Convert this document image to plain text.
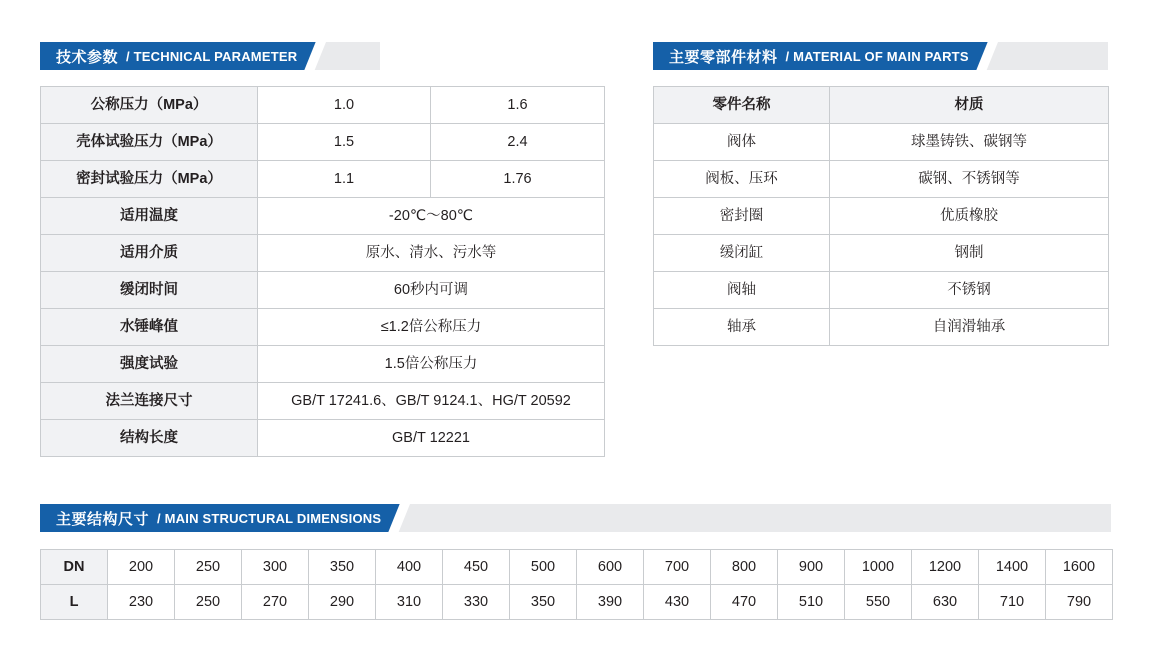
技术参数 / TECHNICAL PARAMETER
公称压力（MPa）	1.0	1.6
壳体试验压力（MPa）	1.5	2.4
密封试验压力（MPa）	1.1	1.76
适用温度	-20℃～80℃	
适用介质	原水、清水、污水等	
缓闭时间	60秒内可调	
水锤峰值	≤1.2倍公称压力	
强度试验	1.5倍公称压力	
法兰连接尺寸	GB/T 17241.6、GB/T 9124.1、HG/T 20592	
结构长度	GB/T 12221	
主要零部件材料 / MATERIAL OF MAIN PARTS
零件名称	材质
阀体	球墨铸铁、碳钢等
阀板、压环	碳钢、不锈钢等
密封圈	优质橡胶
缓闭缸	钢制
阀轴	不锈钢
轴承	自润滑轴承
主要结构尺寸 / MAIN STRUCTURAL DIMENSIONS
DN	200	250	300	350	400	450	500	600	700	800	900	1000	1200	1400	1600
L	230	250	270	290	310	330	350	390	430	470	510	550	630	710	790
